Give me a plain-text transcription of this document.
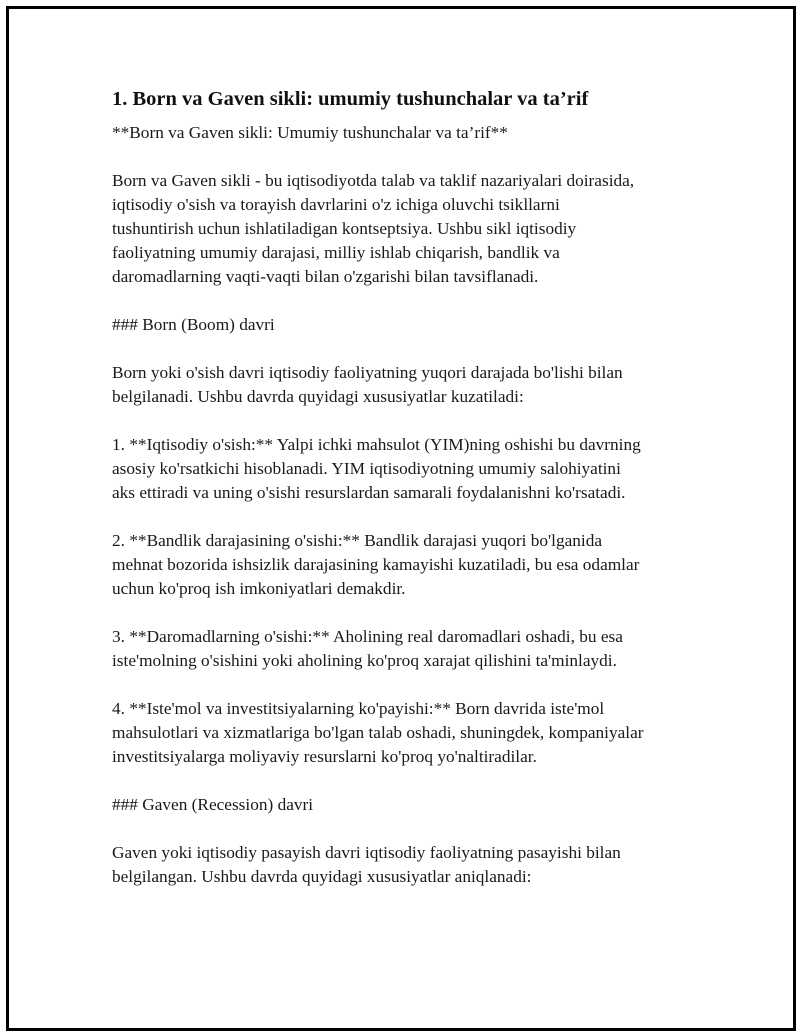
1. Born va Gaven sikli: umumiy tushunchalar va ta’rif

**Born va Gaven sikli: Umumiy tushunchalar va ta’rif**

Born va Gaven sikli - bu iqtisodiyotda talab va taklif nazariyalari doirasida,
iqtisodiy o'sish va torayish davrlarini o'z ichiga oluvchi tsikllarni
tushuntirish uchun ishlatiladigan kontseptsiya. Ushbu sikl iqtisodiy
faoliyatning umumiy darajasi, milliy ishlab chiqarish, bandlik va
daromadlarning vaqti-vaqti bilan o'zgarishi bilan tavsiflanadi.

### Born (Boom) davri

Born yoki o'sish davri iqtisodiy faoliyatning yuqori darajada bo'lishi bilan
belgilanadi. Ushbu davrda quyidagi xususiyatlar kuzatiladi:
1. **Iqtisodiy o'sish:** Yalpi ichki mahsulot (YIM)ning oshishi bu davrning
asosiy ko'rsatkichi hisoblanadi. YIM iqtisodiyotning umumiy salohiyatini
aks ettiradi va uning o'sishi resurslardan samarali foydalanishni ko'rsatadi.
2. **Bandlik darajasining o'sishi:** Bandlik darajasi yuqori bo'lganida
mehnat bozorida ishsizlik darajasining kamayishi kuzatiladi, bu esa odamlar
uchun ko'proq ish imkoniyatlari demakdir.
3. **Daromadlarning o'sishi:** Aholining real daromadlari oshadi, bu esa
iste'molning o'sishini yoki aholining ko'proq xarajat qilishini ta'minlaydi.
4. **Iste'mol va investitsiyalarning ko'payishi:** Born davrida iste'mol
mahsulotlari va xizmatlariga bo'lgan talab oshadi, shuningdek, kompaniyalar
investitsiyalarga moliyaviy resurslarni ko'proq yo'naltiradilar.

### Gaven (Recession) davri

Gaven yoki iqtisodiy pasayish davri iqtisodiy faoliyatning pasayishi bilan
belgilangan. Ushbu davrda quyidagi xususiyatlar aniqlanadi:
